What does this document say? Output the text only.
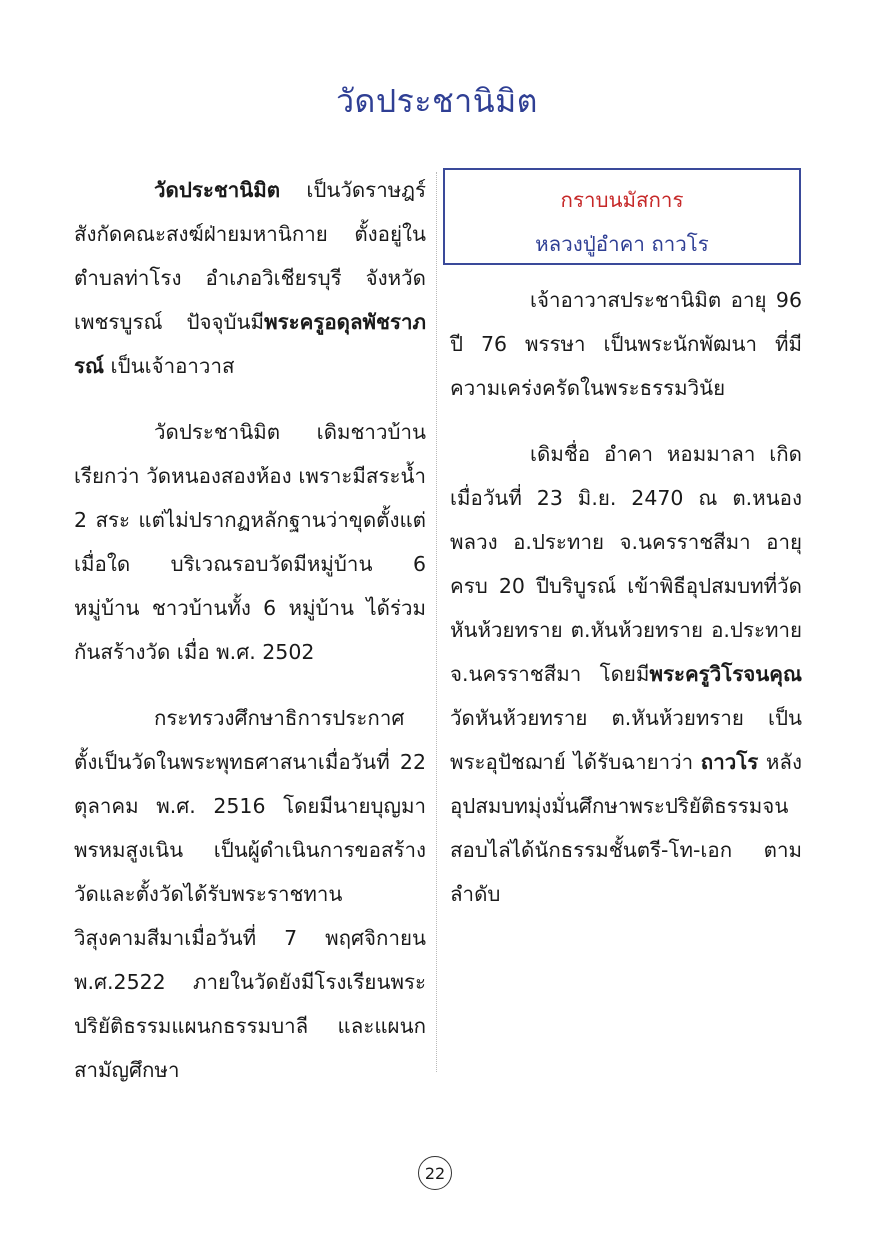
วัดประชานิมิต

วัดประชานิมิต เป็นวัดราษฎร์สังกัดคณะสงฆ์ฝ่ายมหานิกาย ตั้งอยู่ในตำบลท่าโรง อำเภอวิเชียรบุรี จังหวัดเพชรบูรณ์ ปัจจุบันมีพระครูอดุลพัชราภรณ์ เป็นเจ้าอาวาส

วัดประชานิมิต เดิมชาวบ้านเรียกว่า วัดหนองสองห้อง เพราะมีสระน้ำ 2 สระ แต่ไม่ปรากฏหลักฐานว่าขุดตั้งแต่เมื่อใด บริเวณรอบวัดมีหมู่บ้าน 6 หมู่บ้าน ชาวบ้านทั้ง 6 หมู่บ้าน ได้ร่วมกันสร้างวัด เมื่อ พ.ศ. 2502

กระทรวงศึกษาธิการประกาศตั้งเป็นวัดในพระพุทธศาสนาเมื่อวันที่ 22 ตุลาคม พ.ศ. 2516 โดยมีนายบุญมา พรหมสูงเนิน เป็นผู้ดำเนินการขอสร้างวัดและตั้งวัดได้รับพระราชทานวิสุงคามสีมาเมื่อวันที่ 7 พฤศจิกายน พ.ศ.2522 ภายในวัดยังมีโรงเรียนพระปริยัติธรรมแผนกธรรมบาลี และแผนกสามัญศึกษา

กราบนมัสการ
หลวงปู่อำคา ถาวโร

เจ้าอาวาสประชานิมิต อายุ 96 ปี 76 พรรษา เป็นพระนักพัฒนา ที่มีความเคร่งครัดในพระธรรมวินัย

เดิมชื่อ อำคา หอมมาลา เกิดเมื่อวันที่ 23 มิ.ย. 2470 ณ ต.หนองพลวง อ.ประทาย จ.นครราชสีมา อายุครบ 20 ปีบริบูรณ์ เข้าพิธีอุปสมบทที่วัดหันห้วยทราย ต.หันห้วยทราย อ.ประทาย จ.นครราชสีมา โดยมีพระครูวิโรจนคุณ วัดหันห้วยทราย ต.หันห้วยทราย เป็นพระอุปัชฌาย์ ได้รับฉายาว่า ถาวโร หลังอุปสมบทมุ่งมั่นศึกษาพระปริยัติธรรมจนสอบไล่ได้นักธรรมชั้นตรี-โท-เอก ตามลำดับ

22
